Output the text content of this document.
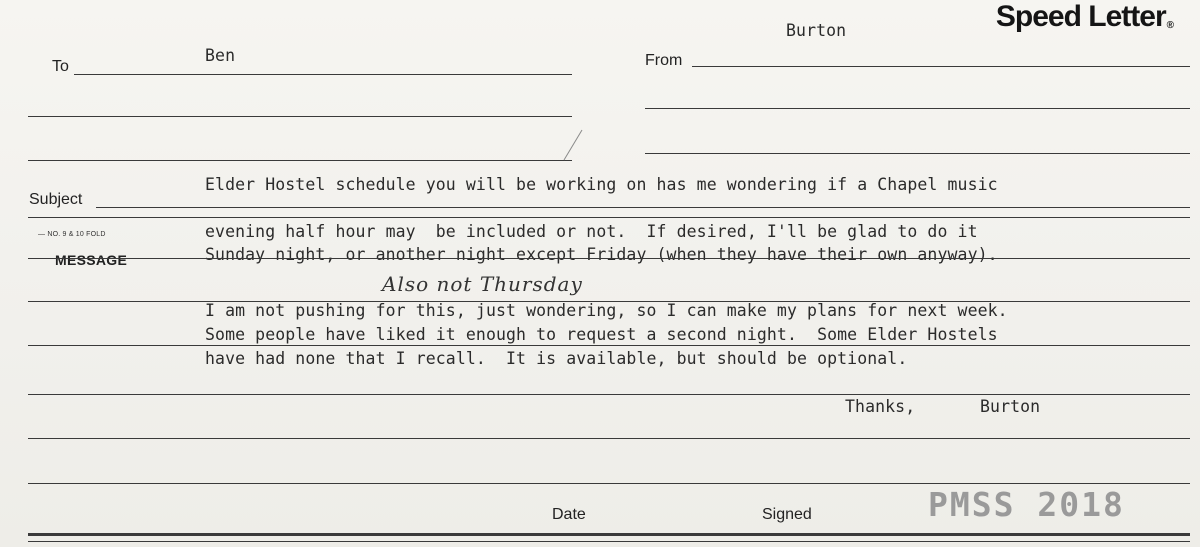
Speed Letter®
To
Ben	From
Burton
Subject
Elder Hostel schedule you will be working on has me wondering if a Chapel music
— NO. 9 & 10 FOLD
MESSAGE
evening half hour may  be included or not.  If desired, I'll be glad to do it
Sunday night, or another night except Friday (when they have their own anyway).
Also not Thursday
I am not pushing for this, just wondering, so I can make my plans for next week.
Some people have liked it enough to request a second night.  Some Elder Hostels
have had none that I recall.  It is available, but should be optional.
Thanks,	Burton
Date	Signed	PMSS 2018
